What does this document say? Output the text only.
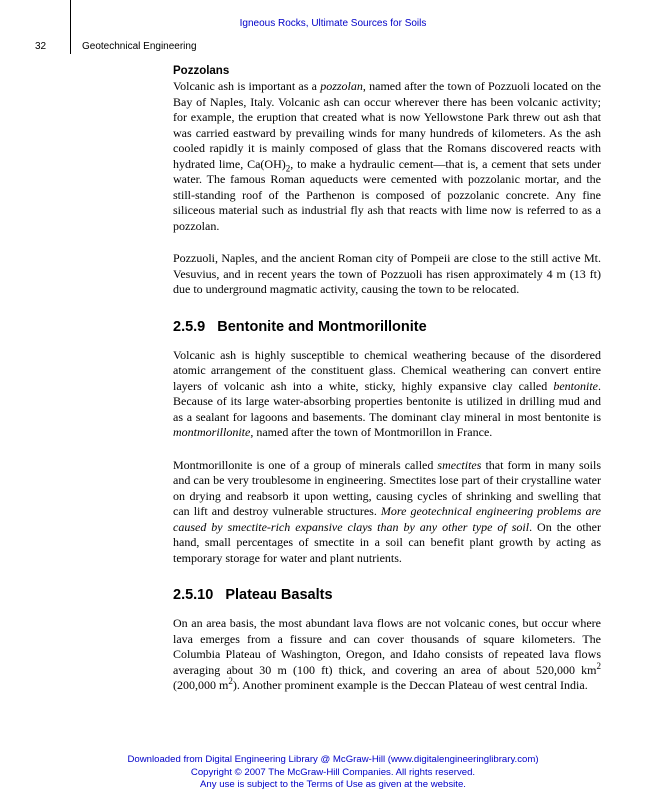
Igneous Rocks, Ultimate Sources for Soils
32	Geotechnical Engineering
Pozzolans

Volcanic ash is important as a pozzolan, named after the town of Pozzuoli located on the Bay of Naples, Italy. Volcanic ash can occur wherever there has been volcanic activity; for example, the eruption that created what is now Yellowstone Park threw out ash that was carried eastward by prevailing winds for many hundreds of kilometers. As the ash cooled rapidly it is mainly composed of glass that the Romans discovered reacts with hydrated lime, $Ca(OH)_2$, to make a hydraulic cement—that is, a cement that sets under water. The famous Roman aqueducts were cemented with pozzolanic mortar, and the still-standing roof of the Parthenon is composed of pozzolanic concrete. Any fine siliceous material such as industrial fly ash that reacts with lime now is referred to as a pozzolan.

Pozzuoli, Naples, and the ancient Roman city of Pompeii are close to the still active Mt. Vesuvius, and in recent years the town of Pozzuoli has risen approximately 4 m (13 ft) due to underground magmatic activity, causing the town to be relocated.

2.5.9 Bentonite and Montmorillonite

Volcanic ash is highly susceptible to chemical weathering because of the disordered atomic arrangement of the constituent glass. Chemical weathering can convert entire layers of volcanic ash into a white, sticky, highly expansive clay called bentonite. Because of its large water-absorbing properties bentonite is utilized in drilling mud and as a sealant for lagoons and basements. The dominant clay mineral in most bentonite is montmorillonite, named after the town of Montmorillon in France.

Montmorillonite is one of a group of minerals called smectites that form in many soils and can be very troublesome in engineering. Smectites lose part of their crystalline water on drying and reabsorb it upon wetting, causing cycles of shrinking and swelling that can lift and destroy vulnerable structures. More geotechnical engineering problems are caused by smectite-rich expansive clays than by any other type of soil. On the other hand, small percentages of smectite in a soil can benefit plant growth by acting as temporary storage for water and plant nutrients.

2.5.10 Plateau Basalts

On an area basis, the most abundant lava flows are not volcanic cones, but occur where lava emerges from a fissure and can cover thousands of square kilometers. The Columbia Plateau of Washington, Oregon, and Idaho consists of repeated lava flows averaging about 30 m (100 ft) thick, and covering an area of about 520,000 $km^2$ (200,000 $m^2$). Another prominent example is the Deccan Plateau of west central India.

Downloaded from Digital Engineering Library @ McGraw-Hill (www.digitalengineeringlibrary.com)
Copyright © 2007 The McGraw-Hill Companies. All rights reserved.
Any use is subject to the Terms of Use as given at the website.
